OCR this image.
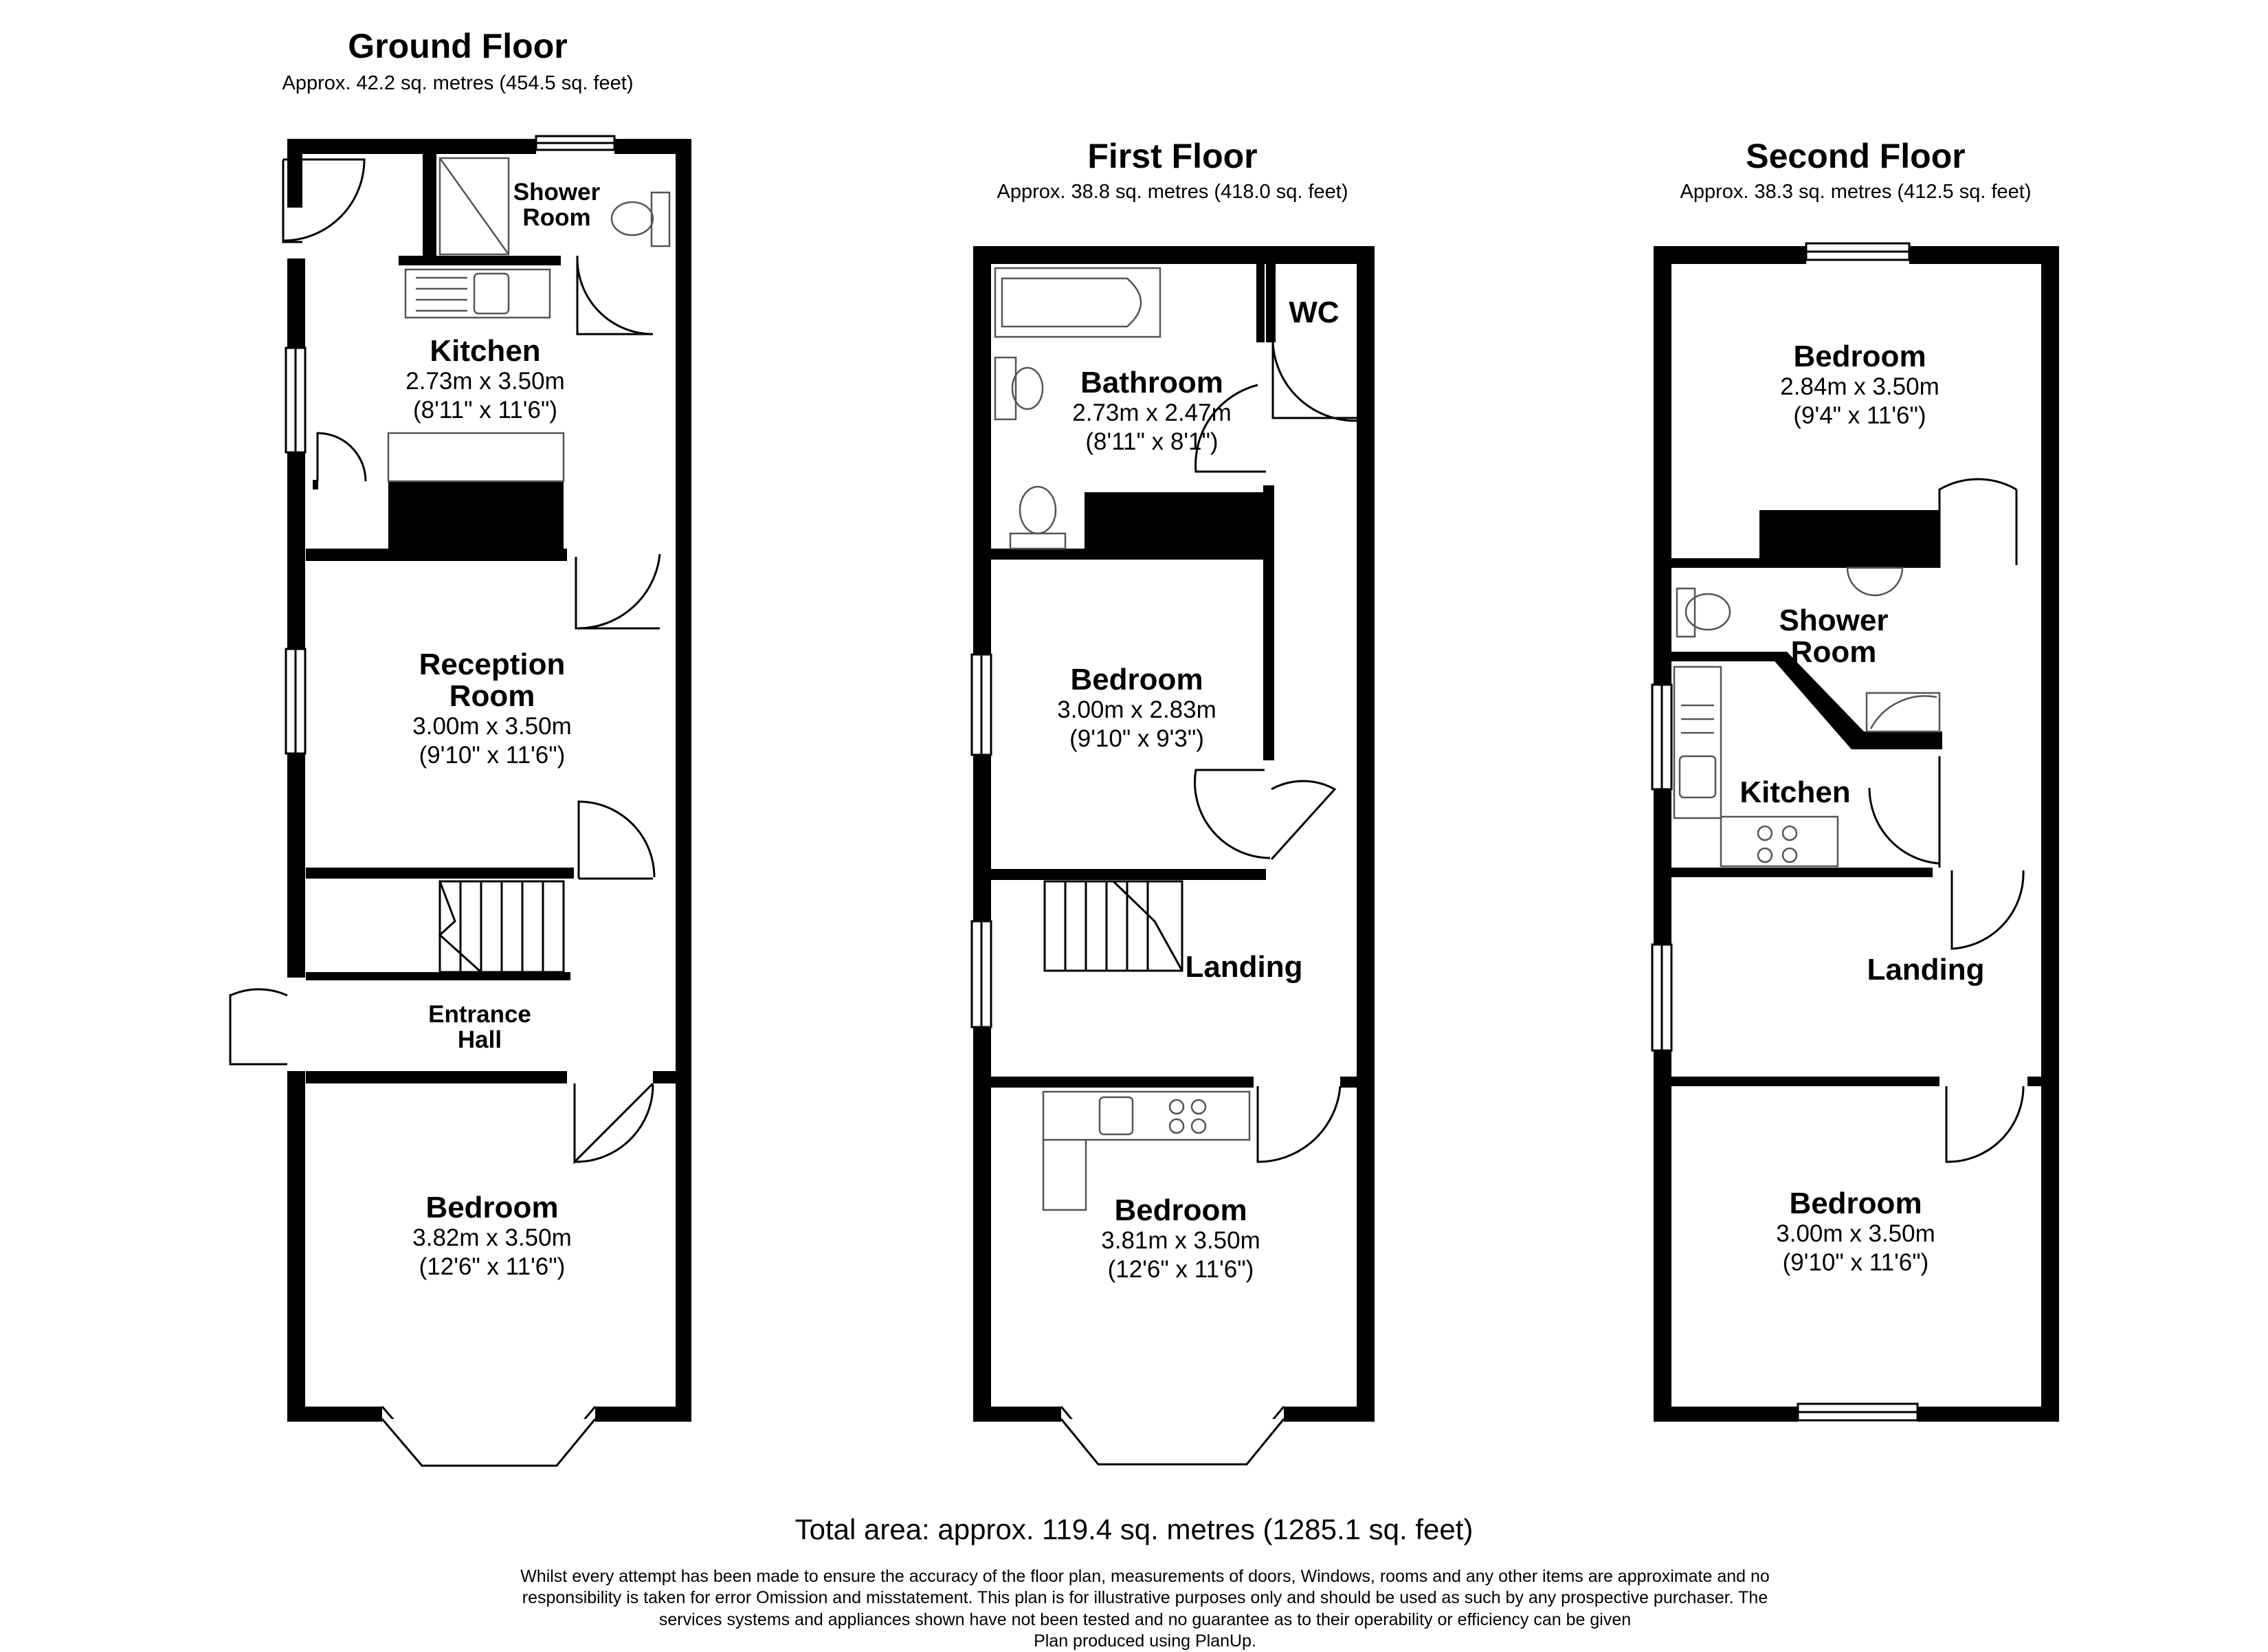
Ground Floor
Approx. 42.2 sq. metres (454.5 sq. feet)
Shower
Room
Kitchen
2.73m x 3.50m
(8'11" x 11'6")
Reception
Room
3.00m x 3.50m
(9'10" x 11'6")
Entrance
Hall
Bedroom
3.82m x 3.50m
(12'6" x 11'6")
First Floor
Approx. 38.8 sq. metres (418.0 sq. feet)
WC
Bathroom
2.73m x 2.47m
(8'11" x 8'1")
Bedroom
3.00m x 2.83m
(9'10" x 9'3")
Landing
Bedroom
3.81m x 3.50m
(12'6" x 11'6")
Second Floor
Approx. 38.3 sq. metres (412.5 sq. feet)
Bedroom
2.84m x 3.50m
(9'4" x 11'6")
Shower
Room
Kitchen
Landing
Bedroom
3.00m x 3.50m
(9'10" x 11'6")
Total area: approx. 119.4 sq. metres (1285.1 sq. feet)
Whilst every attempt has been made to ensure the accuracy of the floor plan, measurements of doors, Windows, rooms and any other items are approximate and no
responsibility is taken for error Omission and misstatement. This plan is for illustrative purposes only and should be used as such by any prospective purchaser. The
services systems and appliances shown have not been tested and no guarantee as to their operability or efficiency can be given
Plan produced using PlanUp.
